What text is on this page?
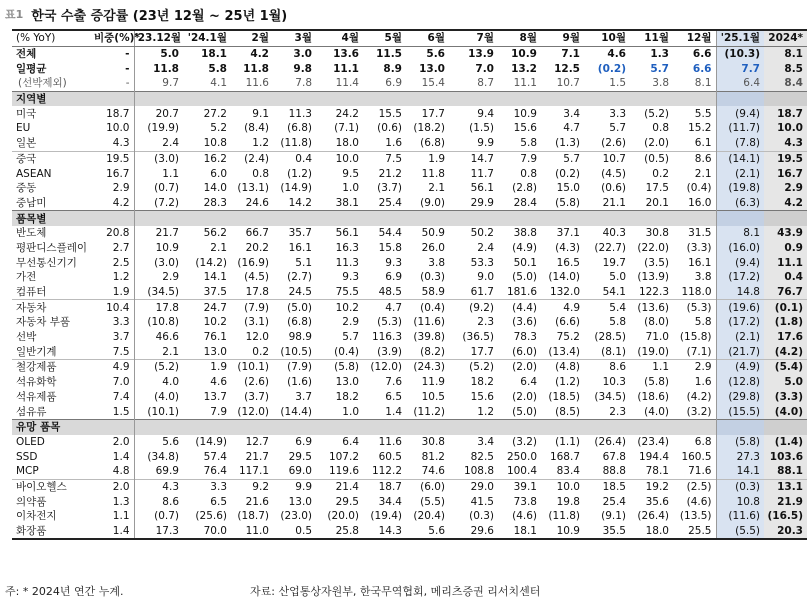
표1 한국 수출 증감률 (23년 12월 ~ 25년 1월)
(% YoY)	비중(%)*	'23.12월	'24.1월	2월	3월	4월	5월	6월	7월	8월	9월	10월	11월	12월	'25.1월	2024*
전체	-	5.0	18.1	4.2	3.0	13.6	11.5	5.6	13.9	10.9	7.1	4.6	1.3	6.6	(10.3)	8.1
일평균	-	11.8	5.8	11.8	9.8	11.1	8.9	13.0	7.0	13.2	12.5	(0.2)	5.7	6.6	7.7	8.5
(선박제외)	-	9.7	4.1	11.6	7.8	11.4	6.9	15.4	8.7	11.1	10.7	1.5	3.8	8.1	6.4	8.4
지역별																
미국	18.7	20.7	27.2	9.1	11.3	24.2	15.5	17.7	9.4	10.9	3.4	3.3	(5.2)	5.5	(9.4)	18.7
EU	10.0	(19.9)	5.2	(8.4)	(6.8)	(7.1)	(0.6)	(18.2)	(1.5)	15.6	4.7	5.7	0.8	15.2	(11.7)	10.0
일본	4.3	2.4	10.8	1.2	(11.8)	18.0	1.6	(6.8)	9.9	5.8	(1.3)	(2.6)	(2.0)	6.1	(7.8)	4.3
중국	19.5	(3.0)	16.2	(2.4)	0.4	10.0	7.5	1.9	14.7	7.9	5.7	10.7	(0.5)	8.6	(14.1)	19.5
ASEAN	16.7	1.1	6.0	0.8	(1.2)	9.5	21.2	11.8	11.7	0.8	(0.2)	(4.5)	0.2	2.1	(2.1)	16.7
중동	2.9	(0.7)	14.0	(13.1)	(14.9)	1.0	(3.7)	2.1	56.1	(2.8)	15.0	(0.6)	17.5	(0.4)	(19.8)	2.9
중남미	4.2	(7.2)	28.3	24.6	14.2	38.1	25.4	(9.0)	29.9	28.4	(5.8)	21.1	20.1	16.0	(6.3)	4.2
품목별																
반도체	20.8	21.7	56.2	66.7	35.7	56.1	54.4	50.9	50.2	38.8	37.1	40.3	30.8	31.5	8.1	43.9
평판디스플레이	2.7	10.9	2.1	20.2	16.1	16.3	15.8	26.0	2.4	(4.9)	(4.3)	(22.7)	(22.0)	(3.3)	(16.0)	0.9
무선통신기기	2.5	(3.0)	(14.2)	(16.9)	5.1	11.3	9.3	3.8	53.3	50.1	16.5	19.7	(3.5)	16.1	(9.4)	11.1
가전	1.2	2.9	14.1	(4.5)	(2.7)	9.3	6.9	(0.3)	9.0	(5.0)	(14.0)	5.0	(13.9)	3.8	(17.2)	0.4
컴퓨터	1.9	(34.5)	37.5	17.8	24.5	75.5	48.5	58.9	61.7	181.6	132.0	54.1	122.3	118.0	14.8	76.7
자동차	10.4	17.8	24.7	(7.9)	(5.0)	10.2	4.7	(0.4)	(9.2)	(4.4)	4.9	5.4	(13.6)	(5.3)	(19.6)	(0.1)
자동차 부품	3.3	(10.8)	10.2	(3.1)	(6.8)	2.9	(5.3)	(11.6)	2.3	(3.6)	(6.6)	5.8	(8.0)	5.8	(17.2)	(1.8)
선박	3.7	46.6	76.1	12.0	98.9	5.7	116.3	(39.8)	(36.5)	78.3	75.2	(28.5)	71.0	(15.8)	(2.1)	17.6
일반기계	7.5	2.1	13.0	0.2	(10.5)	(0.4)	(3.9)	(8.2)	17.7	(6.0)	(13.4)	(8.1)	(19.0)	(7.1)	(21.7)	(4.2)
철강제품	4.9	(5.2)	1.9	(10.1)	(7.9)	(5.8)	(12.0)	(24.3)	(5.2)	(2.0)	(4.8)	8.6	1.1	2.9	(4.9)	(5.4)
석유화학	7.0	4.0	4.6	(2.6)	(1.6)	13.0	7.6	11.9	18.2	6.4	(1.2)	10.3	(5.8)	1.6	(12.8)	5.0
석유제품	7.4	(4.0)	13.7	(3.7)	3.7	18.2	6.5	10.5	15.6	(2.0)	(18.5)	(34.5)	(18.6)	(4.2)	(29.8)	(3.3)
섬유류	1.5	(10.1)	7.9	(12.0)	(14.4)	1.0	1.4	(11.2)	1.2	(5.0)	(8.5)	2.3	(4.0)	(3.2)	(15.5)	(4.0)
유망 품목																
OLED	2.0	5.6	(14.9)	12.7	6.9	6.4	11.6	30.8	3.4	(3.2)	(1.1)	(26.4)	(23.4)	6.8	(5.8)	(1.4)
SSD	1.4	(34.8)	57.4	21.7	29.5	107.2	60.5	81.2	82.5	250.0	168.7	67.8	194.4	160.5	27.3	103.6
MCP	4.8	69.9	76.4	117.1	69.0	119.6	112.2	74.6	108.8	100.4	83.4	88.8	78.1	71.6	14.1	88.1
바이오헬스	2.0	4.3	3.3	9.2	9.9	21.4	18.7	(6.0)	29.0	39.1	10.0	18.5	19.2	(2.5)	(0.3)	13.1
의약품	1.3	8.6	6.5	21.6	13.0	29.5	34.4	(5.5)	41.5	73.8	19.8	25.4	35.6	(4.6)	10.8	21.9
이차전지	1.1	(0.7)	(25.6)	(18.7)	(23.0)	(20.0)	(19.4)	(20.4)	(0.3)	(4.6)	(11.8)	(9.1)	(26.4)	(13.5)	(11.6)	(16.5)
화장품	1.4	17.3	70.0	11.0	0.5	25.8	14.3	5.6	29.6	18.1	10.9	35.5	18.0	25.5	(5.5)	20.3
주: * 2024년 연간 누계.	자료: 산업통상자원부, 한국무역협회, 메리츠증권 리서치센터
